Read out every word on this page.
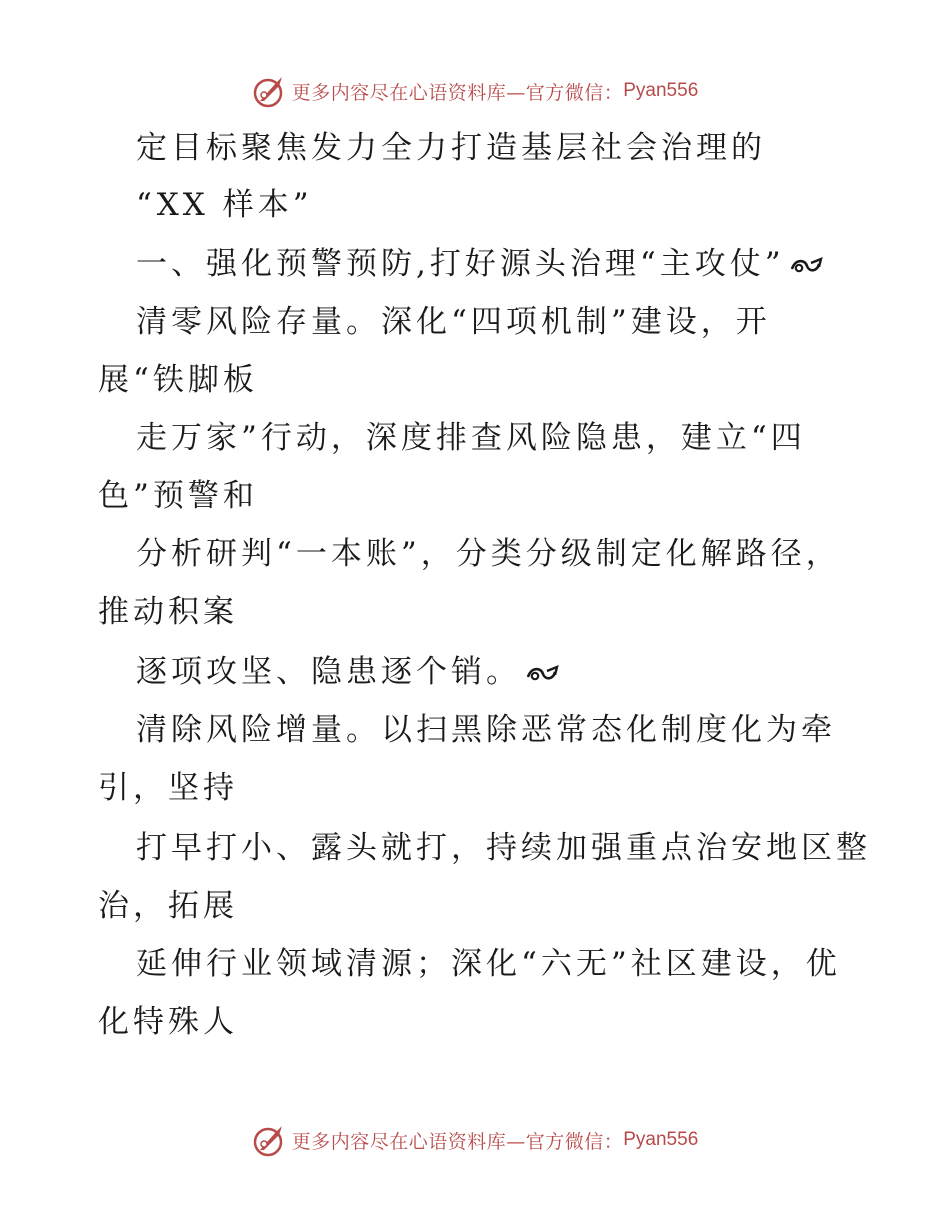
更多内容尽在心语资料库—官方微信： Pyan556
定目标聚焦发力全力打造基层社会治理的
“XX 样本”
一、强化预警预防,打好源头治理“主攻仗”
清零风险存量。深化“四项机制”建设，开
展“铁脚板
走万家”行动，深度排查风险隐患，建立“四
色”预警和
分析研判“一本账”，分类分级制定化解路径，
推动积案
逐项攻坚、隐患逐个销。
清除风险增量。以扫黑除恶常态化制度化为牵
引，坚持
打早打小、露头就打，持续加强重点治安地区整
治，拓展
延伸行业领域清源；深化“六无”社区建设，优
化特殊人
更多内容尽在心语资料库—官方微信： Pyan556
